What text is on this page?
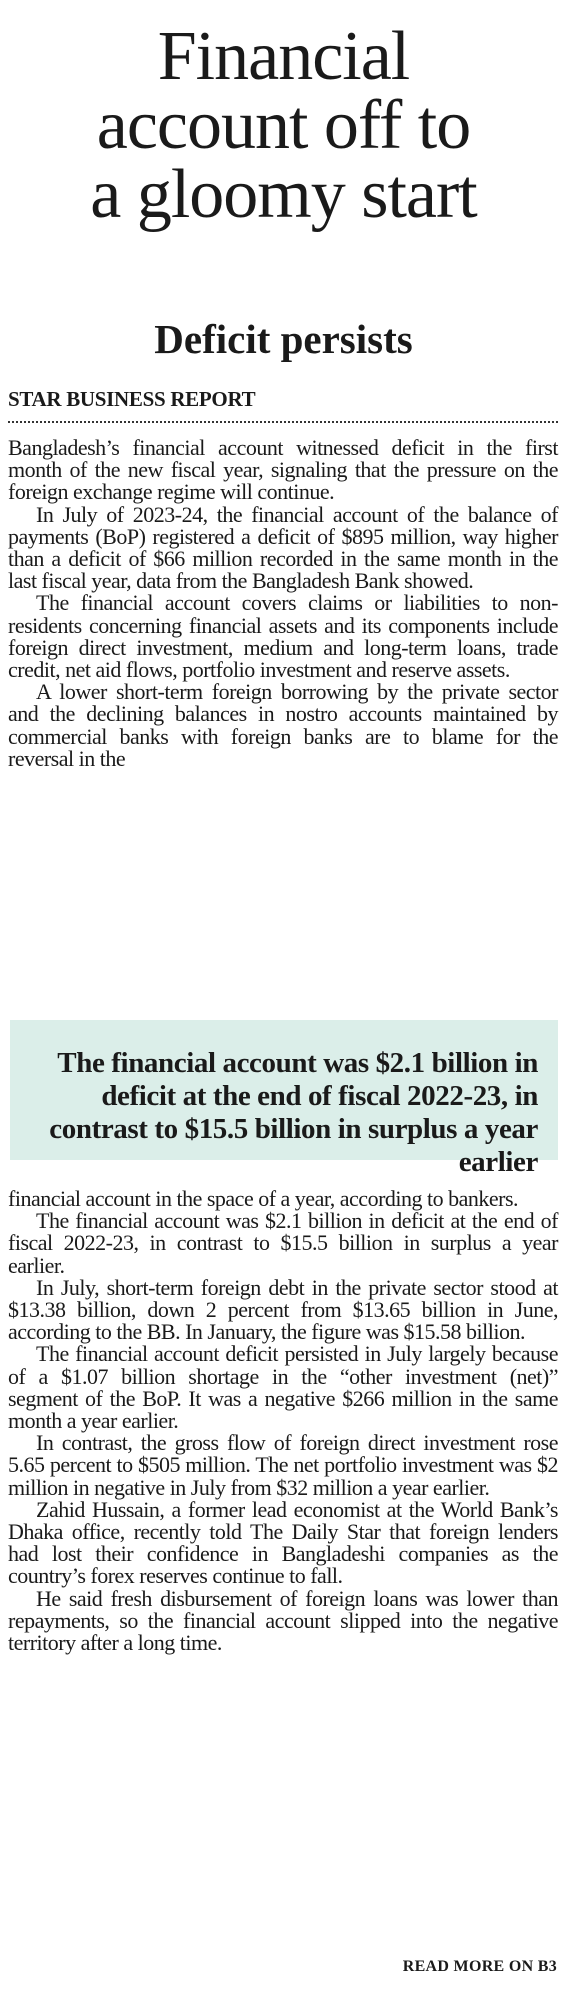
Financial
account off to
a gloomy start
Deficit persists
STAR BUSINESS REPORT

Bangladesh’s financial account witnessed deficit in the first month of the new fiscal year, signaling that the pressure on the foreign exchange regime will continue.

In July of 2023-24, the financial account of the balance of payments (BoP) registered a deficit of $895 million, way higher than a deficit of $66 million recorded in the same month in the last fiscal year, data from the Bangladesh Bank showed.

The financial account covers claims or liabilities to non-residents concerning financial assets and its components include foreign direct investment, medium and long-term loans, trade credit, net aid flows, portfolio investment and reserve assets.

A lower short-term foreign borrowing by the private sector and the declining balances in nostro accounts maintained by commercial banks with foreign banks are to blame for the reversal in the

The financial account was $2.1 billion in deficit at the end of fiscal 2022-23, in contrast to $15.5 billion in surplus a year earlier

financial account in the space of a year, according to bankers.

The financial account was $2.1 billion in deficit at the end of fiscal 2022-23, in contrast to $15.5 billion in surplus a year earlier.

In July, short-term foreign debt in the private sector stood at $13.38 billion, down 2 percent from $13.65 billion in June, according to the BB. In January, the figure was $15.58 billion.

The financial account deficit persisted in July largely because of a $1.07 billion shortage in the “other investment (net)” segment of the BoP. It was a negative $266 million in the same month a year earlier.

In contrast, the gross flow of foreign direct investment rose 5.65 percent to $505 million. The net portfolio investment was $2 million in negative in July from $32 million a year earlier.

Zahid Hussain, a former lead economist at the World Bank’s Dhaka office, recently told The Daily Star that foreign lenders had lost their confidence in Bangladeshi companies as the country’s forex reserves continue to fall.

He said fresh disbursement of foreign loans was lower than repayments, so the financial account slipped into the negative territory after a long time.

READ MORE ON B3
